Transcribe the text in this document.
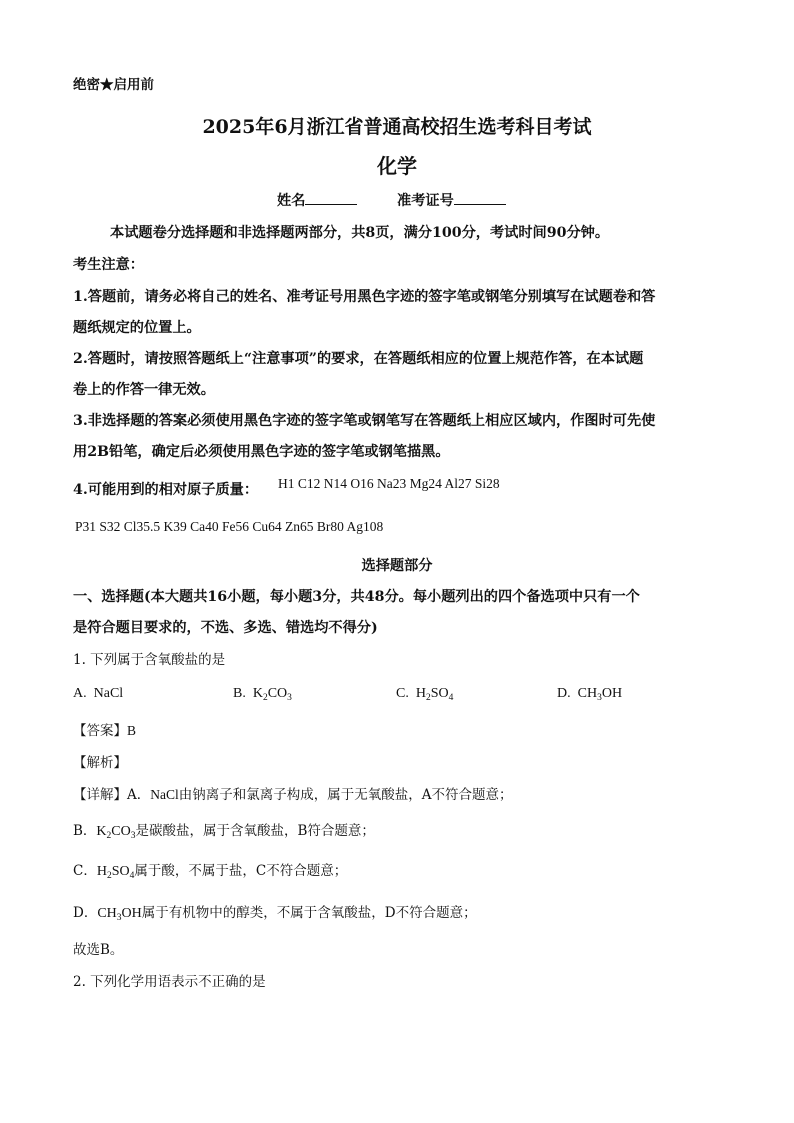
绝密★启用前
2025年6月浙江省普通高校招生选考科目考试
化学
姓名	准考证号
本试题卷分选择题和非选择题两部分，共8页，满分100分，考试时间90分钟。
考生注意：
1.答题前，请务必将自己的姓名、准考证号用黑色字迹的签字笔或钢笔分别填写在试题卷和答
题纸规定的位置上。
2.答题时，请按照答题纸上“注意事项”的要求，在答题纸相应的位置上规范作答，在本试题
卷上的作答一律无效。
3.非选择题的答案必须使用黑色字迹的签字笔或钢笔写在答题纸上相应区域内，作图时可先使
用2B铅笔，确定后必须使用黑色字迹的签字笔或钢笔描黑。
4.可能用到的相对原子质量： H1 C12 N14 O16 Na23 Mg24 Al27 Si28
P31 S32 Cl35.5 K39 Ca40 Fe56 Cu64 Zn65 Br80 Ag108
选择题部分
一、选择题(本大题共16小题，每小题3分，共48分。每小题列出的四个备选项中只有一个
是符合题目要求的，不选、多选、错选均不得分)
1. 下列属于含氧酸盐的是
A. NaCl	B. $K_2CO_3$	C. $H_2SO_4$	D. $CH_3OH$
【答案】B
【解析】
【详解】A．NaCl由钠离子和氯离子构成，属于无氧酸盐，A不符合题意；
B．$K_2CO_3$是碳酸盐，属于含氧酸盐，B符合题意；
C．$H_2SO_4$属于酸，不属于盐，C不符合题意；
D．$CH_3OH$属于有机物中的醇类，不属于含氧酸盐，D不符合题意；
故选B。
2. 下列化学用语表示不正确的是
